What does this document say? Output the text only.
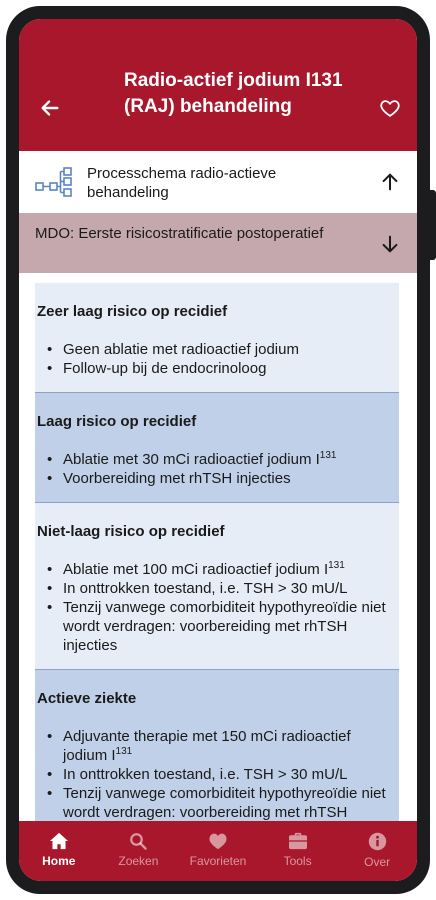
Radio-actief jodium I131 (RAJ) behandeling
Processchema radio-actieve behandeling
MDO: Eerste risicostratificatie postoperatief
Zeer laag risico op recidief
• Geen ablatie met radioactief jodium
• Follow-up bij de endocrinoloog
Laag risico op recidief
• Ablatie met 30 mCi radioactief jodium $I^{131}$
• Voorbereiding met rhTSH injecties
Niet-laag risico op recidief
• Ablatie met 100 mCi radioactief jodium $I^{131}$
• In onttrokken toestand, i.e. TSH > 30 mU/L
• Tenzij vanwege comorbiditeit hypothyreoïdie niet wordt verdragen: voorbereiding met rhTSH injecties
Actieve ziekte
• Adjuvante therapie met 150 mCi radioactief jodium $I^{131}$
• In onttrokken toestand, i.e. TSH > 30 mU/L
• Tenzij vanwege comorbiditeit hypothyreoïdie niet wordt verdragen: voorbereiding met rhTSH
Home	Zoeken	Favorieten	Tools	Over
